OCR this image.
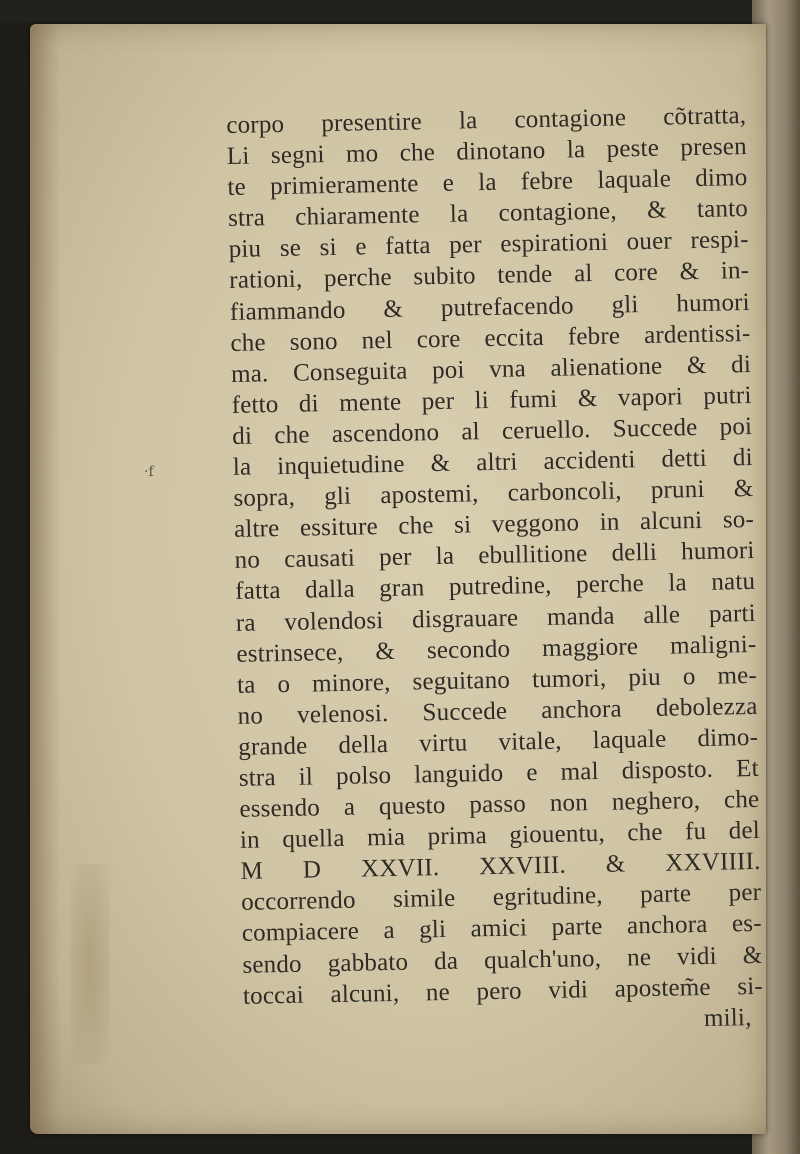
·f
corpo presentire la contagione cõtratta,
Li segni mo che dinotano la peste presen
te primieramente e la febre laquale dimo
stra chiaramente la contagione, & tanto
piu se si e fatta per espirationi ouer respi-
rationi, perche subito tende al core & in-
fiammando & putrefacendo gli humori
che sono nel core eccita febre ardentissi-
ma. Conseguita poi vna alienatione & di
fetto di mente per li fumi & vapori putri
di che ascendono al ceruello. Succede poi
la inquietudine & altri accidenti detti di
sopra, gli apostemi, carboncoli, pruni &
altre essiture che si veggono in alcuni so-
no causati per la ebullitione delli humori
fatta dalla gran putredine, perche la natu
ra volendosi disgrauare manda alle parti
estrinsece, & secondo maggiore maligni-
ta o minore, seguitano tumori, piu o me-
no velenosi. Succede anchora debolezza
grande della virtu vitale, laquale dimo-
stra il polso languido e mal disposto. Et
essendo a questo passo non neghero, che
in quella mia prima giouentu, che fu del
M D XXVII. XXVIII. & XXVIIII.
occorrendo simile egritudine, parte per
compiacere a gli amici parte anchora es-
sendo gabbato da qualch'uno, ne vidi &
toccai alcuni, ne pero vidi apostem̃e si-
mili,
